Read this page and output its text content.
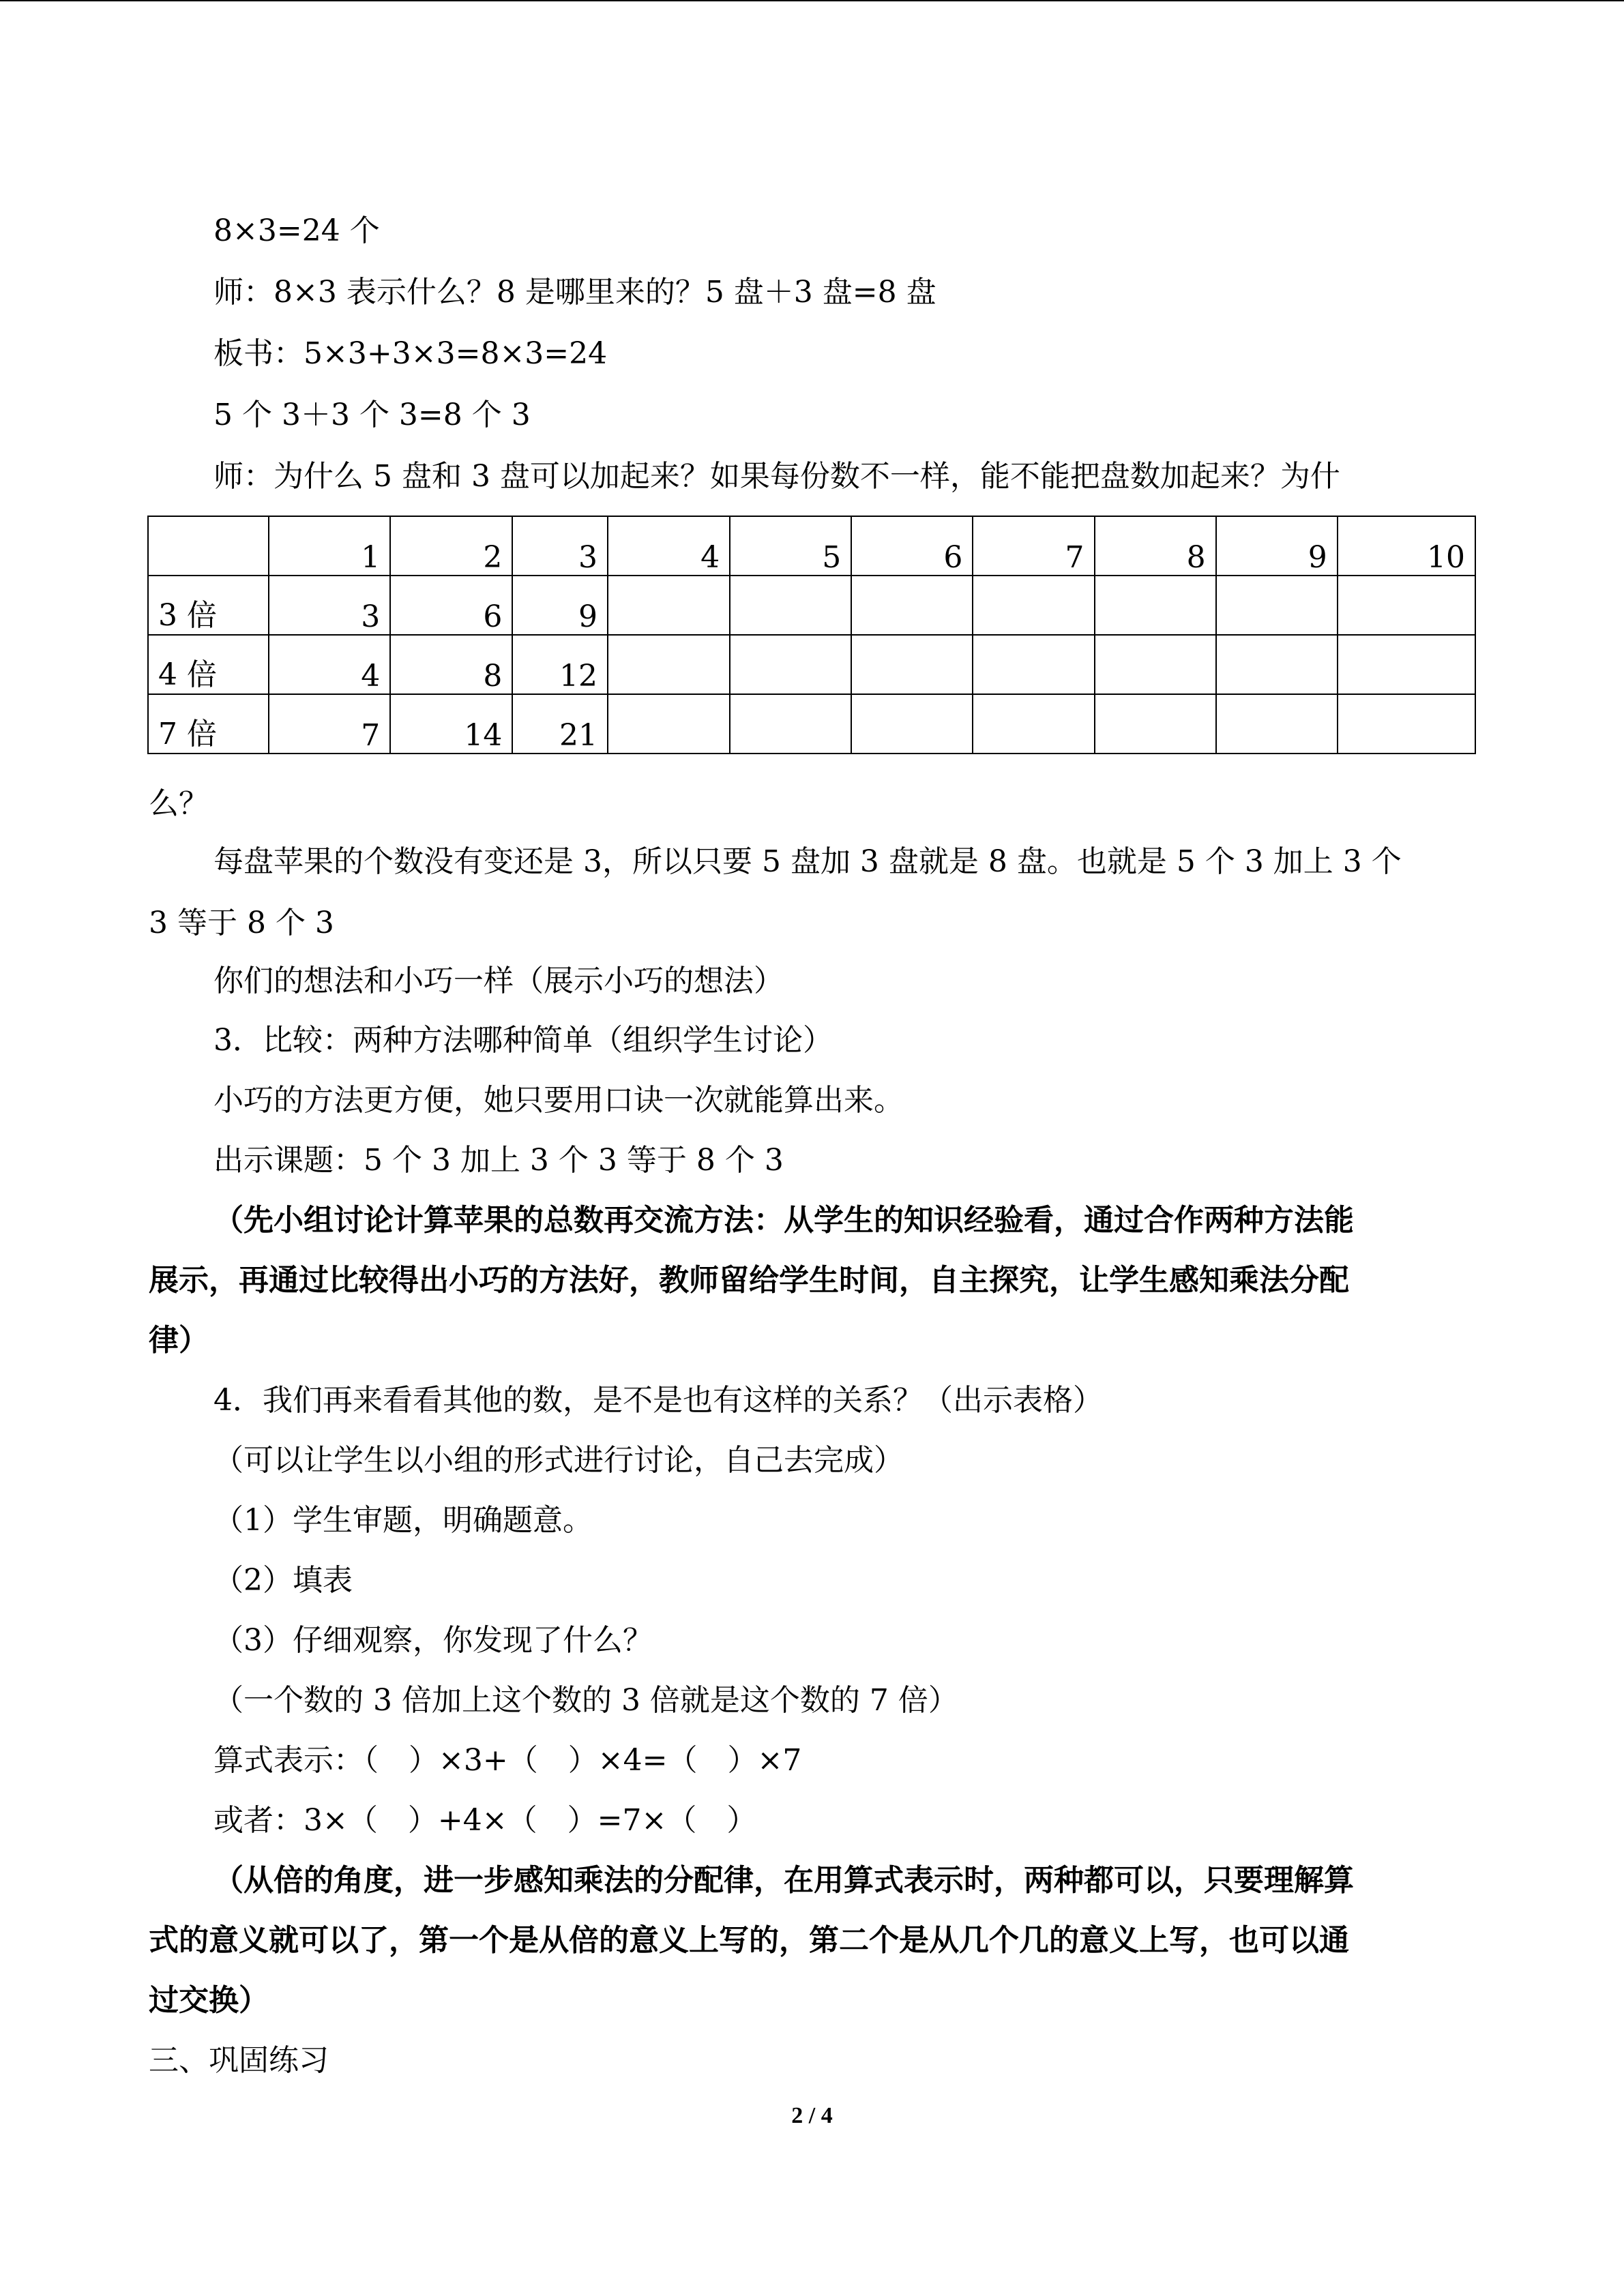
8×3=24 个
师：8×3 表示什么？8 是哪里来的？5 盘＋3 盘=8 盘
板书：5×3+3×3=8×3=24
5 个 3＋3 个 3=8 个 3
师：为什么 5 盘和 3 盘可以加起来？如果每份数不一样，能不能把盘数加起来？为什
	1	2	3	4	5	6	7	8	9	10
3 倍	3	6	9							
4 倍	4	8	12							
7 倍	7	14	21							
么？
每盘苹果的个数没有变还是 3，所以只要 5 盘加 3 盘就是 8 盘。也就是 5 个 3 加上 3 个
3 等于 8 个 3
你们的想法和小巧一样（展示小巧的想法）
3．比较：两种方法哪种简单（组织学生讨论）
小巧的方法更方便，她只要用口诀一次就能算出来。
出示课题：5 个 3 加上 3 个 3 等于 8 个 3
（先小组讨论计算苹果的总数再交流方法：从学生的知识经验看，通过合作两种方法能
展示，再通过比较得出小巧的方法好，教师留给学生时间，自主探究，让学生感知乘法分配
律）
4．我们再来看看其他的数，是不是也有这样的关系？（出示表格）
（可以让学生以小组的形式进行讨论，自己去完成）
（1）学生审题，明确题意。
（2）填表
（3）仔细观察，你发现了什么？
（一个数的 3 倍加上这个数的 3 倍就是这个数的 7 倍）
算式表示：（　）×3+（　）×4=（　）×7
或者：3×（　）+4×（　）=7×（　）
（从倍的角度，进一步感知乘法的分配律，在用算式表示时，两种都可以，只要理解算
式的意义就可以了，第一个是从倍的意义上写的，第二个是从几个几的意义上写，也可以通
过交换）
三、巩固练习
2 / 4
